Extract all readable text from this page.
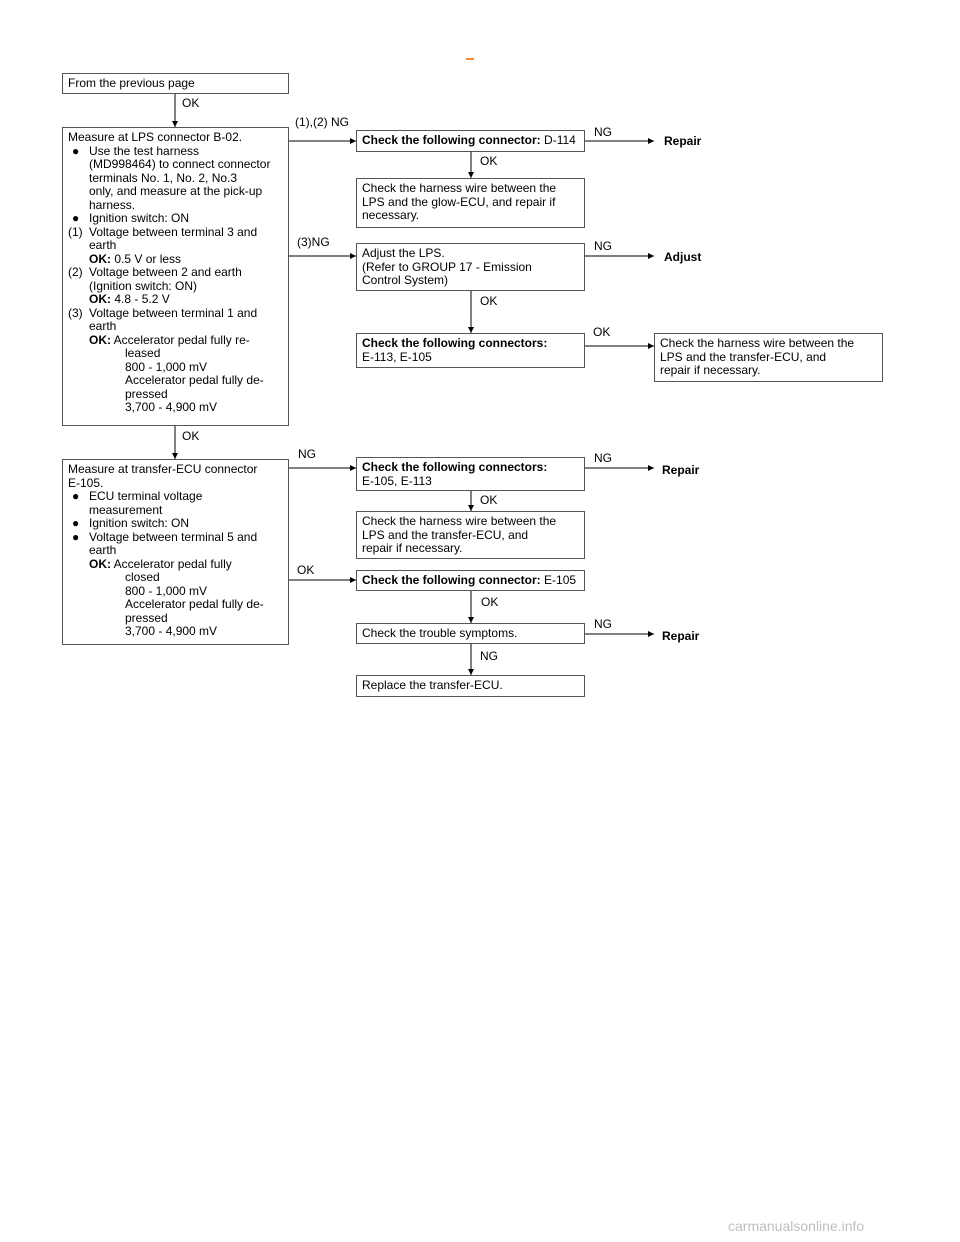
From the previous page
OK
Measure at LPS connector B-02.
● Use the test harness
(MD998464) to connect connector
terminals No. 1, No. 2, No.3
only, and measure at the pick-up
harness.
● Ignition switch: ON
(1) Voltage between terminal 3 and
earth
OK: 0.5 V or less
(2) Voltage between 2 and earth
(Ignition switch: ON)
OK: 4.8 - 5.2 V
(3) Voltage between terminal 1 and
earth
OK: Accelerator pedal fully re-
leased
800 - 1,000 mV
Accelerator pedal fully de-
pressed
3,700 - 4,900 mV
(1),(2) NG
Check the following connector: D-114
NG
Repair
OK
Check the harness wire between the
LPS and the glow-ECU, and repair if
necessary.
(3)NG
Adjust the LPS.
(Refer to GROUP 17 - Emission
Control System)
NG
Adjust
OK
Check the following connectors:
E-113, E-105
OK
Check the harness wire between the
LPS and the transfer-ECU, and
repair if necessary.
OK
Measure at transfer-ECU connector
E-105.
● ECU terminal voltage
measurement
● Ignition switch: ON
● Voltage between terminal 5 and
earth
OK: Accelerator pedal fully
closed
800 - 1,000 mV
Accelerator pedal fully de-
pressed
3,700 - 4,900 mV
NG
Check the following connectors:
E-105, E-113
NG
Repair
OK
Check the harness wire between the
LPS and the transfer-ECU, and
repair if necessary.
OK
Check the following connector: E-105
OK
Check the trouble symptoms.
NG
Repair
NG
Replace the transfer-ECU.
carmanualsonline.info
